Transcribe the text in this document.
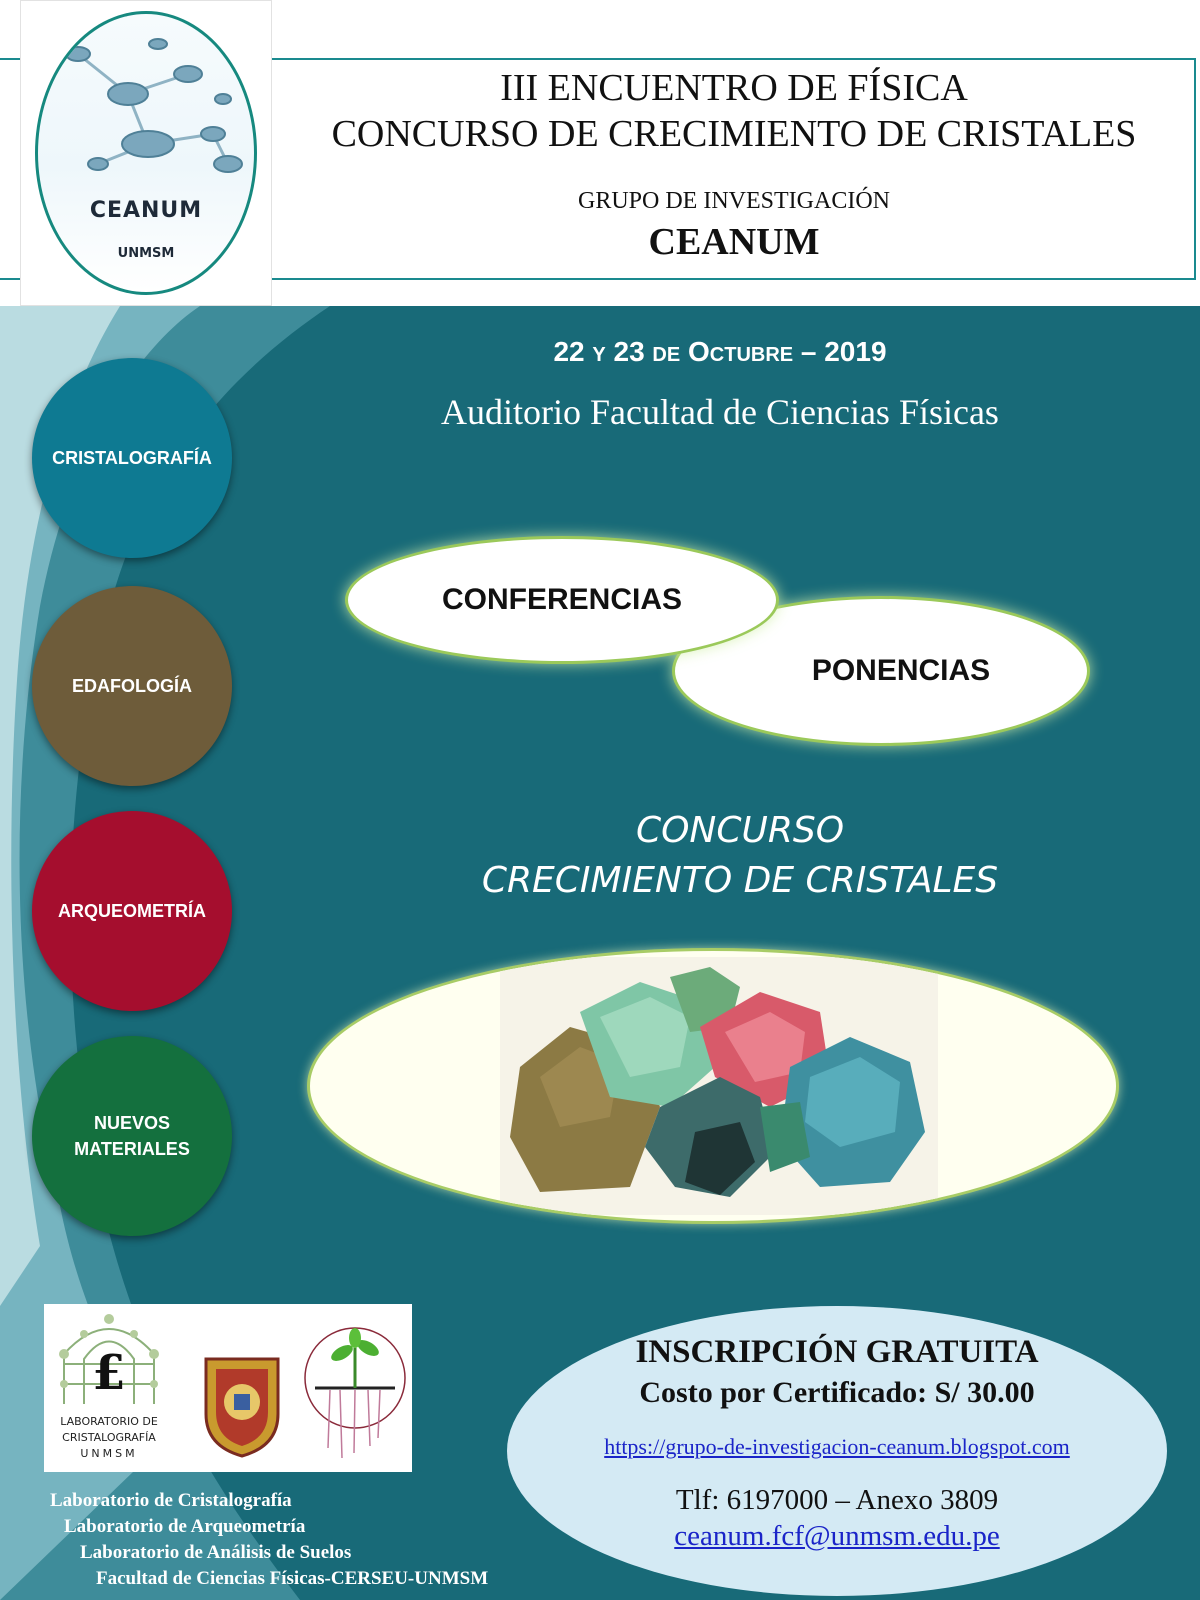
CEANUM
UNMSM
III ENCUENTRO DE FÍSICA
CONCURSO DE CRECIMIENTO DE CRISTALES
GRUPO DE INVESTIGACIÓN
CEANUM
CRISTALOGRAFÍA
EDAFOLOGÍA
ARQUEOMETRÍA
NUEVOS MATERIALES
22 y 23 de Octubre – 2019
Auditorio Facultad de Ciencias Físicas
CONFERENCIAS
PONENCIAS
CONCURSO
CRECIMIENTO DE CRISTALES
£
LABORATORIO DE
CRISTALOGRAFÍA
UNMSM
Laboratorio de Cristalografía
Laboratorio de Arqueometría
Laboratorio de Análisis de Suelos
Facultad de Ciencias Físicas-CERSEU-UNMSM
INSCRIPCIÓN GRATUITA
Costo por Certificado: S/ 30.00
https://grupo-de-investigacion-ceanum.blogspot.com
Tlf: 6197000 – Anexo 3809
ceanum.fcf@unmsm.edu.pe
